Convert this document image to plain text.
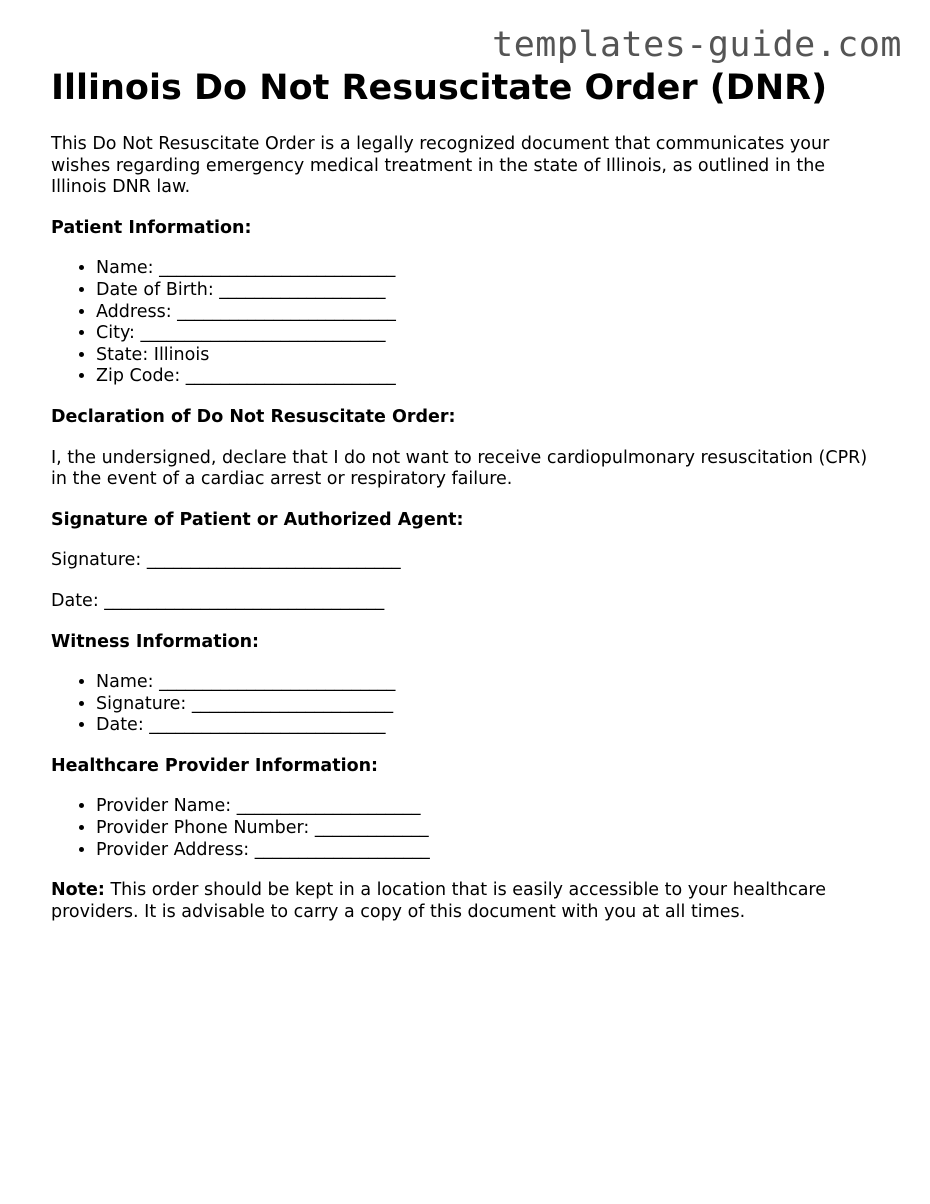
templates-guide.com
Illinois Do Not Resuscitate Order (DNR)

This Do Not Resuscitate Order is a legally recognized document that communicates your wishes regarding emergency medical treatment in the state of Illinois, as outlined in the Illinois DNR law.

Patient Information:
• Name: ___________________________
• Date of Birth: ___________________
• Address: _________________________
• City: ____________________________
• State: Illinois
• Zip Code: ________________________
Declaration of Do Not Resuscitate Order:

I, the undersigned, declare that I do not want to receive cardiopulmonary resuscitation (CPR) in the event of a cardiac arrest or respiratory failure.

Signature of Patient or Authorized Agent:

Signature: _____________________________

Date: ________________________________

Witness Information:
• Name: ___________________________
• Signature: _______________________
• Date: ___________________________
Healthcare Provider Information:
• Provider Name: _____________________
• Provider Phone Number: _____________
• Provider Address: ____________________

Note: This order should be kept in a location that is easily accessible to your healthcare providers. It is advisable to carry a copy of this document with you at all times.
